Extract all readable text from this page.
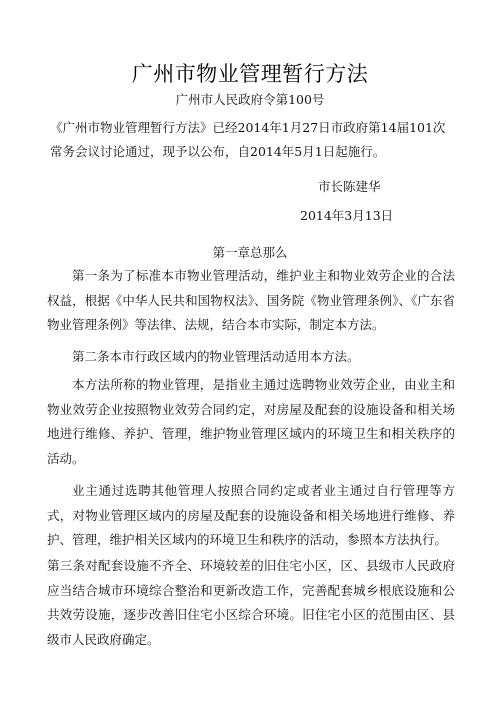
广州市物业管理暂行方法
广州市人民政府令第100号
《广州市物业管理暂行方法》已经2014年1月27日市政府第14届101次常务会议讨论通过，现予以公布，自2014年5月1日起施行。
市长陈建华
2014年3月13日
第一章总那么
第一条为了标准本市物业管理活动，维护业主和物业效劳企业的合法权益，根据《中华人民共和国物权法》、国务院《物业管理条例》、《广东省物业管理条例》等法律、法规，结合本市实际，制定本方法。
第二条本市行政区域内的物业管理活动适用本方法。
本方法所称的物业管理，是指业主通过选聘物业效劳企业，由业主和物业效劳企业按照物业效劳合同约定，对房屋及配套的设施设备和相关场地进行维修、养护、管理，维护物业管理区域内的环境卫生和相关秩序的活动。
业主通过选聘其他管理人按照合同约定或者业主通过自行管理等方式，对物业管理区域内的房屋及配套的设施设备和相关场地进行维修、养护、管理，维护相关区域内的环境卫生和秩序的活动，参照本方法执行。
第三条对配套设施不齐全、环境较差的旧住宅小区，区、县级市人民政府应当结合城市环境综合整治和更新改造工作，完善配套城乡根底设施和公共效劳设施，逐步改善旧住宅小区综合环境。旧住宅小区的范围由区、县级市人民政府确定。
